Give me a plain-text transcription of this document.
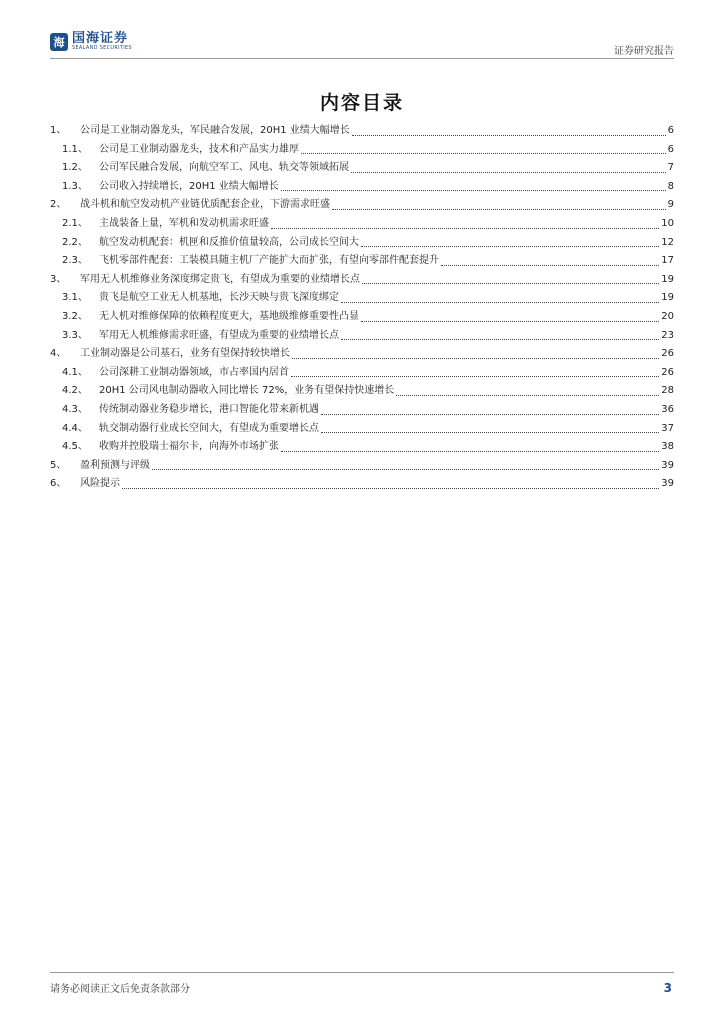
海 国海证券
SEALAND SECURITIES	证券研究报告
内容目录
1、	公司是工业制动器龙头，军民融合发展，20H1 业绩大幅增长	6
1.1、	公司是工业制动器龙头，技术和产品实力雄厚	6
1.2、	公司军民融合发展，向航空军工、风电、轨交等领域拓展	7
1.3、	公司收入持续增长，20H1 业绩大幅增长	8
2、	战斗机和航空发动机产业链优质配套企业，下游需求旺盛	9
2.1、	主战装备上量，军机和发动机需求旺盛	10
2.2、	航空发动机配套：机匣和反推价值量较高，公司成长空间大	12
2.3、	飞机零部件配套：工装模具随主机厂产能扩大而扩张，有望向零部件配套提升	17
3、	军用无人机维修业务深度绑定贵飞，有望成为重要的业绩增长点	19
3.1、	贵飞是航空工业无人机基地，长沙天映与贵飞深度绑定	19
3.2、	无人机对维修保障的依赖程度更大，基地级维修重要性凸显	20
3.3、	军用无人机维修需求旺盛，有望成为重要的业绩增长点	23
4、	工业制动器是公司基石，业务有望保持较快增长	26
4.1、	公司深耕工业制动器领域，市占率国内居首	26
4.2、	20H1 公司风电制动器收入同比增长 72%，业务有望保持快速增长	28
4.3、	传统制动器业务稳步增长，港口智能化带来新机遇	36
4.4、	轨交制动器行业成长空间大，有望成为重要增长点	37
4.5、	收购并控股瑞士福尔卡，向海外市场扩张	38
5、	盈利预测与评级	39
6、	风险提示	39
请务必阅读正文后免责条款部分	3
